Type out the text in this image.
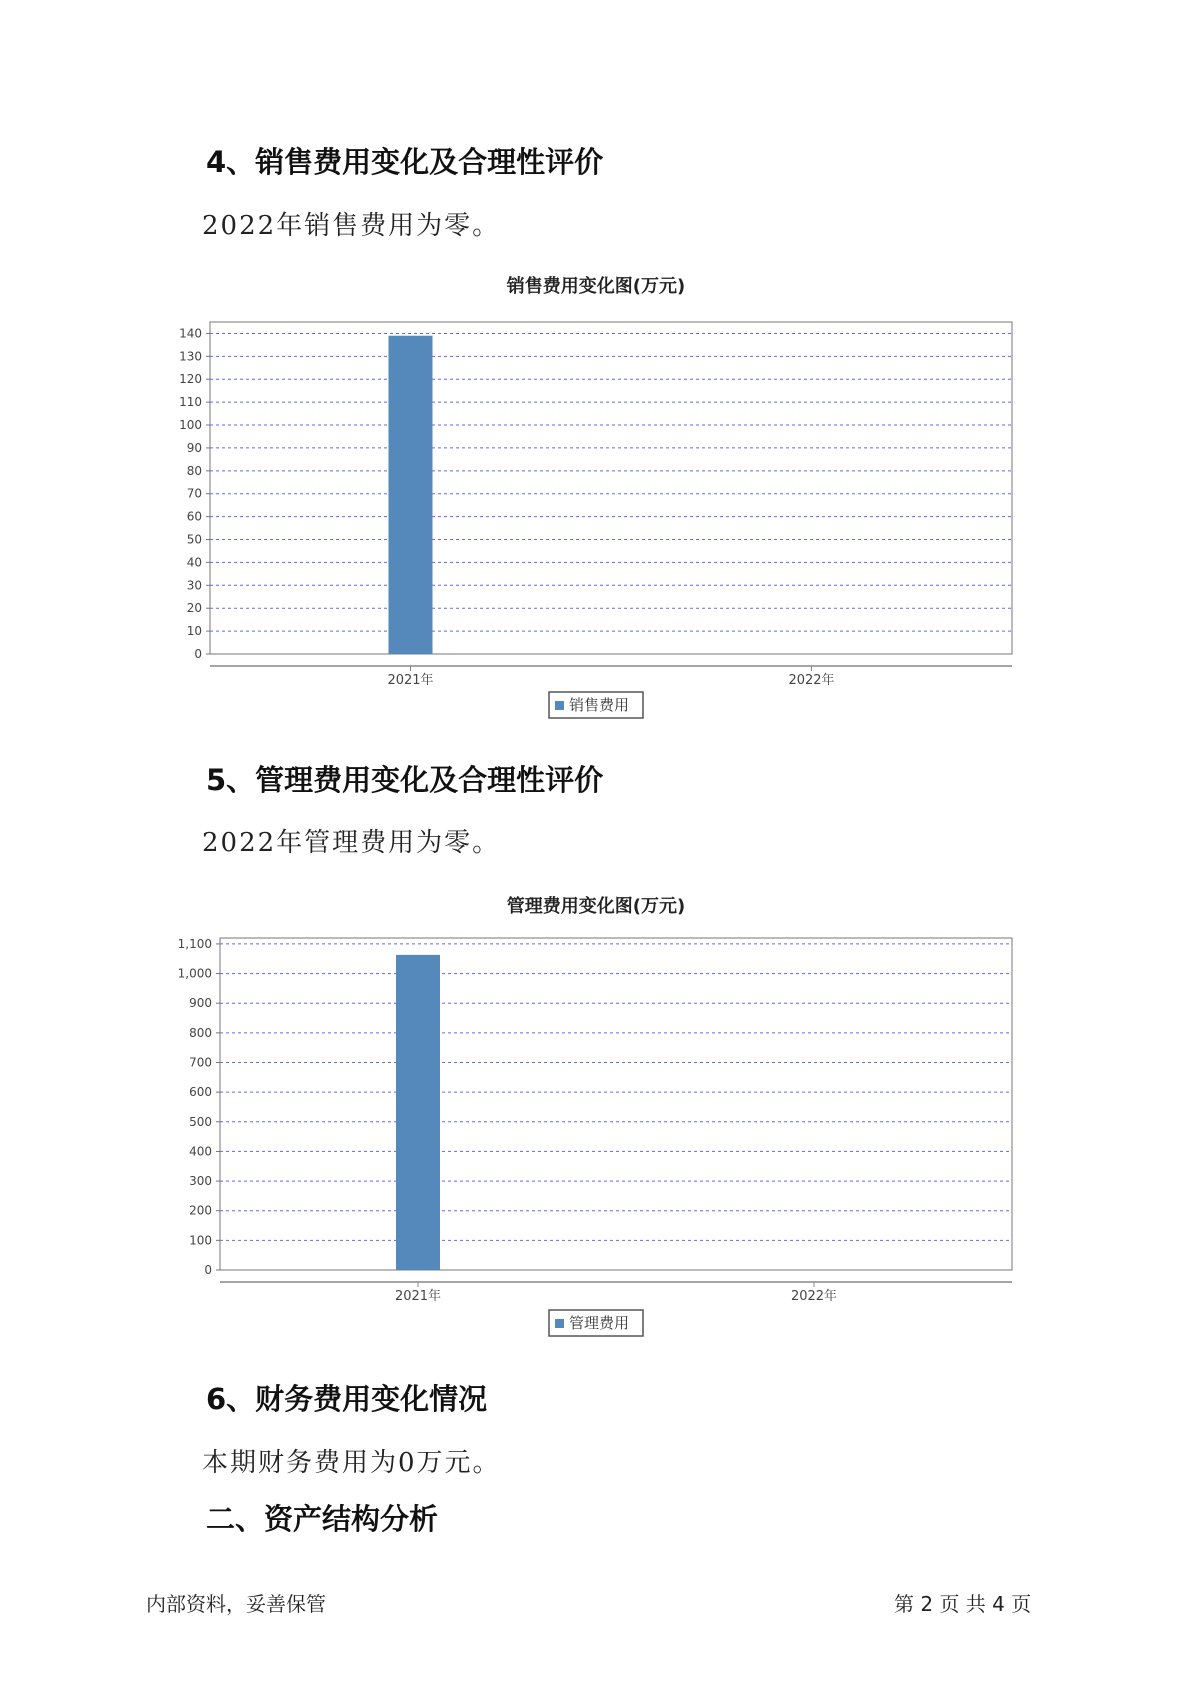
4、销售费用变化及合理性评价
2022年销售费用为零。
销售费用变化图(万元)
0
10
20
30
40
50
60
70
80
90
100
110
120
130
140
2021年	2022年
销售费用
5、管理费用变化及合理性评价
2022年管理费用为零。
管理费用变化图(万元)
0
100
200
300
400
500
600
700
800
900
1,000
1,100
2021年	2022年
管理费用
6、财务费用变化情况
本期财务费用为0万元。
二、资产结构分析
内部资料，妥善保管	第 2 页 共 4 页
